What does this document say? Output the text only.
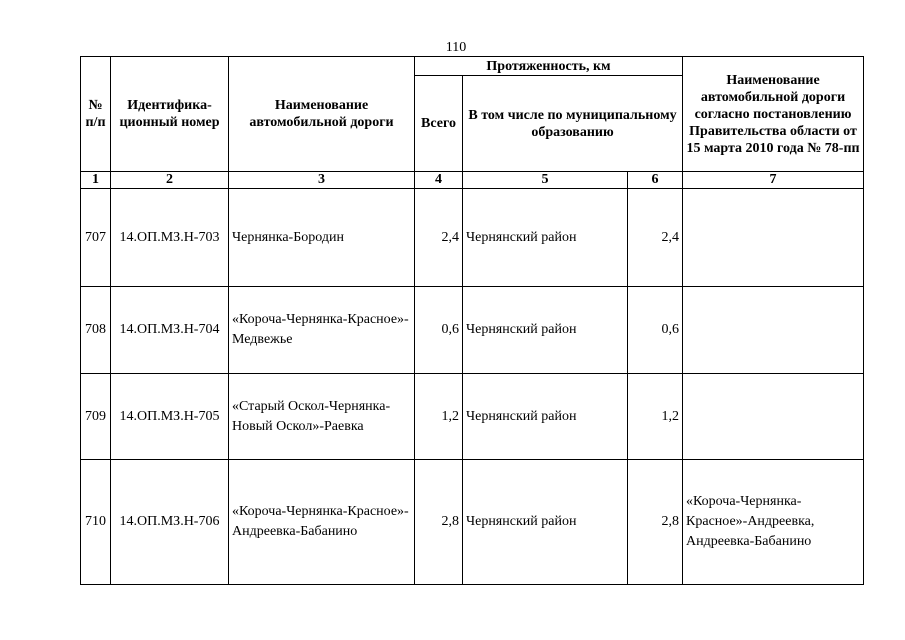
110
№ п/п	Идентифика-ционный номер	Наименование автомобильной дороги	Протяженность, км			Наименование автомобильной дороги согласно постановлению Правительства области от 15 марта 2010 года № 78-пп
			Всего	В том числе по муниципальному образованию		
1	2	3	4	5	6	7
707	14.ОП.МЗ.Н-703	Чернянка-Бородин	2,4	Чернянский район	2,4	
708	14.ОП.МЗ.Н-704	«Короча-Чернянка-Красное»-Медвежье	0,6	Чернянский район	0,6	
709	14.ОП.МЗ.Н-705	«Старый Оскол-Чернянка-Новый Оскол»-Раевка	1,2	Чернянский район	1,2	
710	14.ОП.МЗ.Н-706	«Короча-Чернянка-Красное»-Андреевка-Бабанино	2,8	Чернянский район	2,8	«Короча-Чернянка-Красное»-Андреевка, Андреевка-Бабанино
